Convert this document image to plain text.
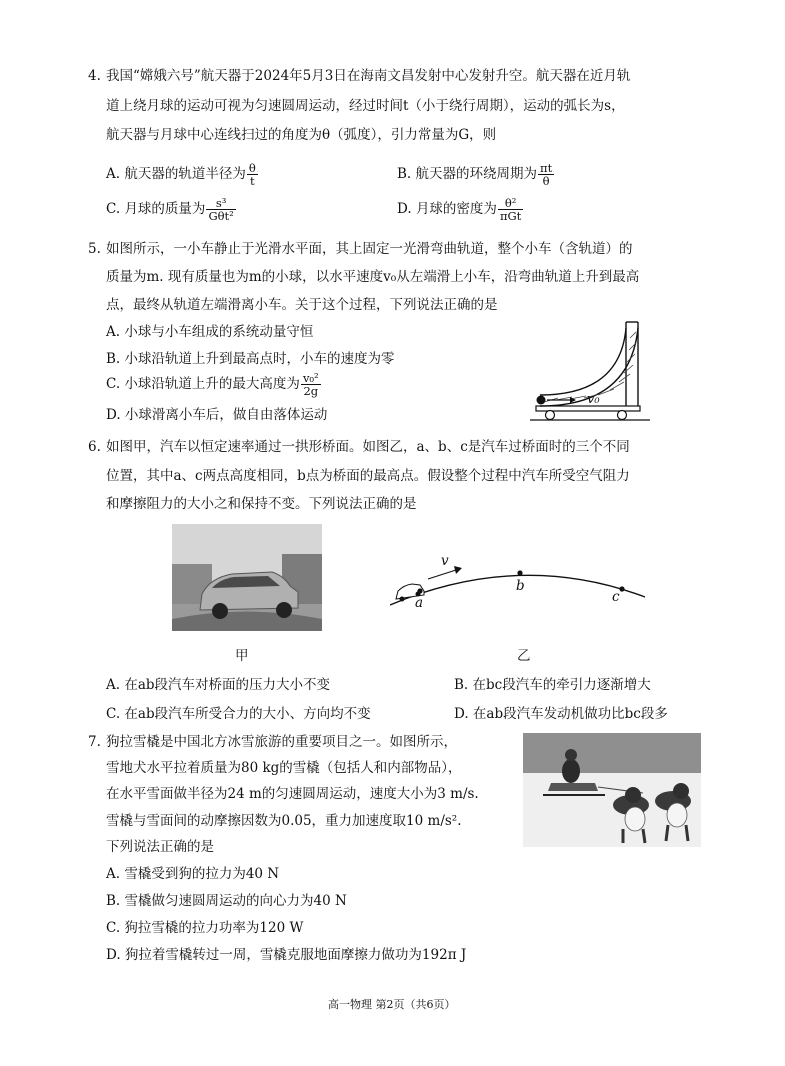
4. 我国“嫦娥六号”航天器于2024年5月3日在海南文昌发射中心发射升空。航天器在近月轨
道上绕月球的运动可视为匀速圆周运动，经过时间t（小于绕行周期），运动的弧长为s，
航天器与月球中心连线扫过的角度为θ（弧度），引力常量为G，则
A. 航天器的轨道半径为 $\frac{\theta}{t}$	B. 航天器的环绕周期为 $\frac{\pi t}{\theta}$
C. 月球的质量为 $\frac{\text{s³}}{\text{Gθt²}}$	D. 月球的密度为 $\frac{\text{θ²}}{\text{πGt}}$
5. 如图所示，一小车静止于光滑水平面，其上固定一光滑弯曲轨道，整个小车（含轨道）的
质量为m. 现有质量也为m的小球，以水平速度v₀从左端滑上小车，沿弯曲轨道上升到最高
点，最终从轨道左端滑离小车。关于这个过程，下列说法正确的是
A. 小球与小车组成的系统动量守恒
B. 小球沿轨道上升到最高点时，小车的速度为零
C. 小球沿轨道上升的最大高度为 $\frac{\text{v₀²}}{2g}$
D. 小球滑离小车后，做自由落体运动
v₀
6. 如图甲，汽车以恒定速率通过一拱形桥面。如图乙，a、b、c是汽车过桥面时的三个不同
位置，其中a、c两点高度相同，b点为桥面的最高点。假设整个过程中汽车所受空气阻力
和摩擦阻力的大小之和保持不变。下列说法正确的是
v
a
b
c
甲	乙
A. 在ab段汽车对桥面的压力大小不变	B. 在bc段汽车的牵引力逐渐增大
C. 在ab段汽车所受合力的大小、方向均不变	D. 在ab段汽车发动机做功比bc段多
7. 狗拉雪橇是中国北方冰雪旅游的重要项目之一。如图所示，
雪地犬水平拉着质量为80 kg的雪橇（包括人和内部物品），
在水平雪面做半径为24 m的匀速圆周运动，速度大小为3 m/s.
雪橇与雪面间的动摩擦因数为0.05，重力加速度取10 m/s².
下列说法正确的是
A. 雪橇受到狗的拉力为40 N
B. 雪橇做匀速圆周运动的向心力为40 N
C. 狗拉雪橇的拉力功率为120 W
D. 狗拉着雪橇转过一周，雪橇克服地面摩擦力做功为192π J
高一物理 第2页（共6页）
